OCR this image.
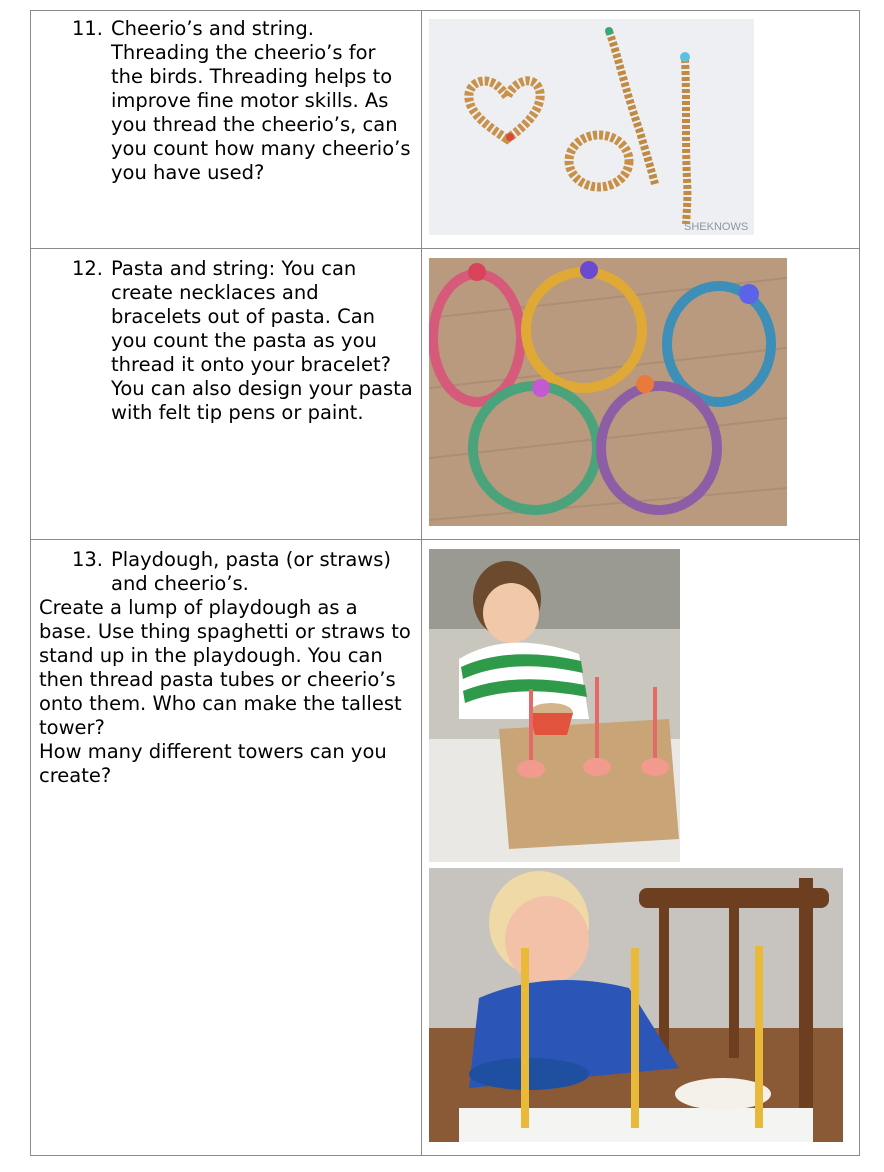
11. Cheerio’s and string. Threading the cheerio’s for the birds. Threading helps to improve fine motor skills. As you thread the cheerio’s, can you count how many cheerio’s you have used?
SHEKNOWS
12. Pasta and string: You can create necklaces and bracelets out of pasta. Can you count the pasta as you thread it onto your bracelet? You can also design your pasta with felt tip pens or paint.
13. Playdough, pasta (or straws) and cheerio’s.

Create a lump of playdough as a base. Use thing spaghetti or straws to stand up in the playdough. You can then thread pasta tubes or cheerio’s onto them. Who can make the tallest tower?

How many different towers can you create?
